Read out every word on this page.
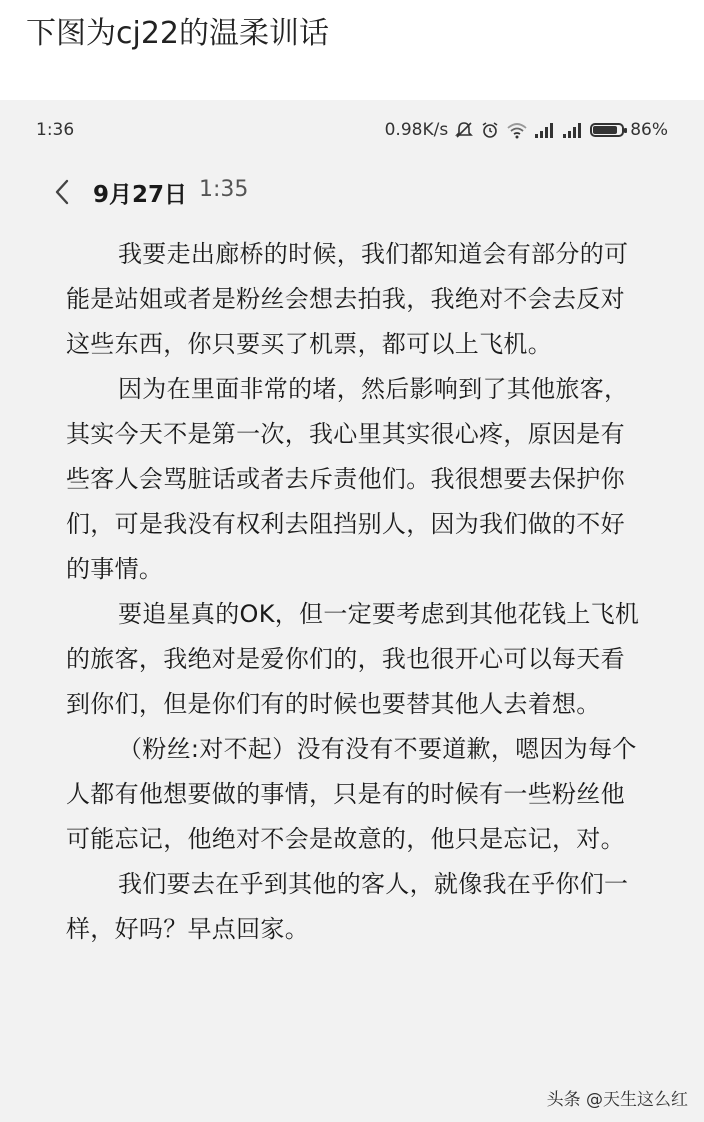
下图为cj22的温柔训话
1:36	0.98K/s	86%
9月27日 1:35

我要走出廊桥的时候，我们都知道会有部分的可能是站姐或者是粉丝会想去拍我，我绝对不会去反对这些东西，你只要买了机票，都可以上飞机。

因为在里面非常的堵，然后影响到了其他旅客，其实今天不是第一次，我心里其实很心疼，原因是有些客人会骂脏话或者去斥责他们。我很想要去保护你们，可是我没有权利去阻挡别人，因为我们做的不好的事情。

要追星真的OK，但一定要考虑到其他花钱上飞机的旅客，我绝对是爱你们的，我也很开心可以每天看到你们，但是你们有的时候也要替其他人去着想。

（粉丝:对不起）没有没有不要道歉，嗯因为每个人都有他想要做的事情，只是有的时候有一些粉丝他可能忘记，他绝对不会是故意的，他只是忘记，对。

我们要去在乎到其他的客人，就像我在乎你们一样，好吗？早点回家。

头条 @天生这么红
